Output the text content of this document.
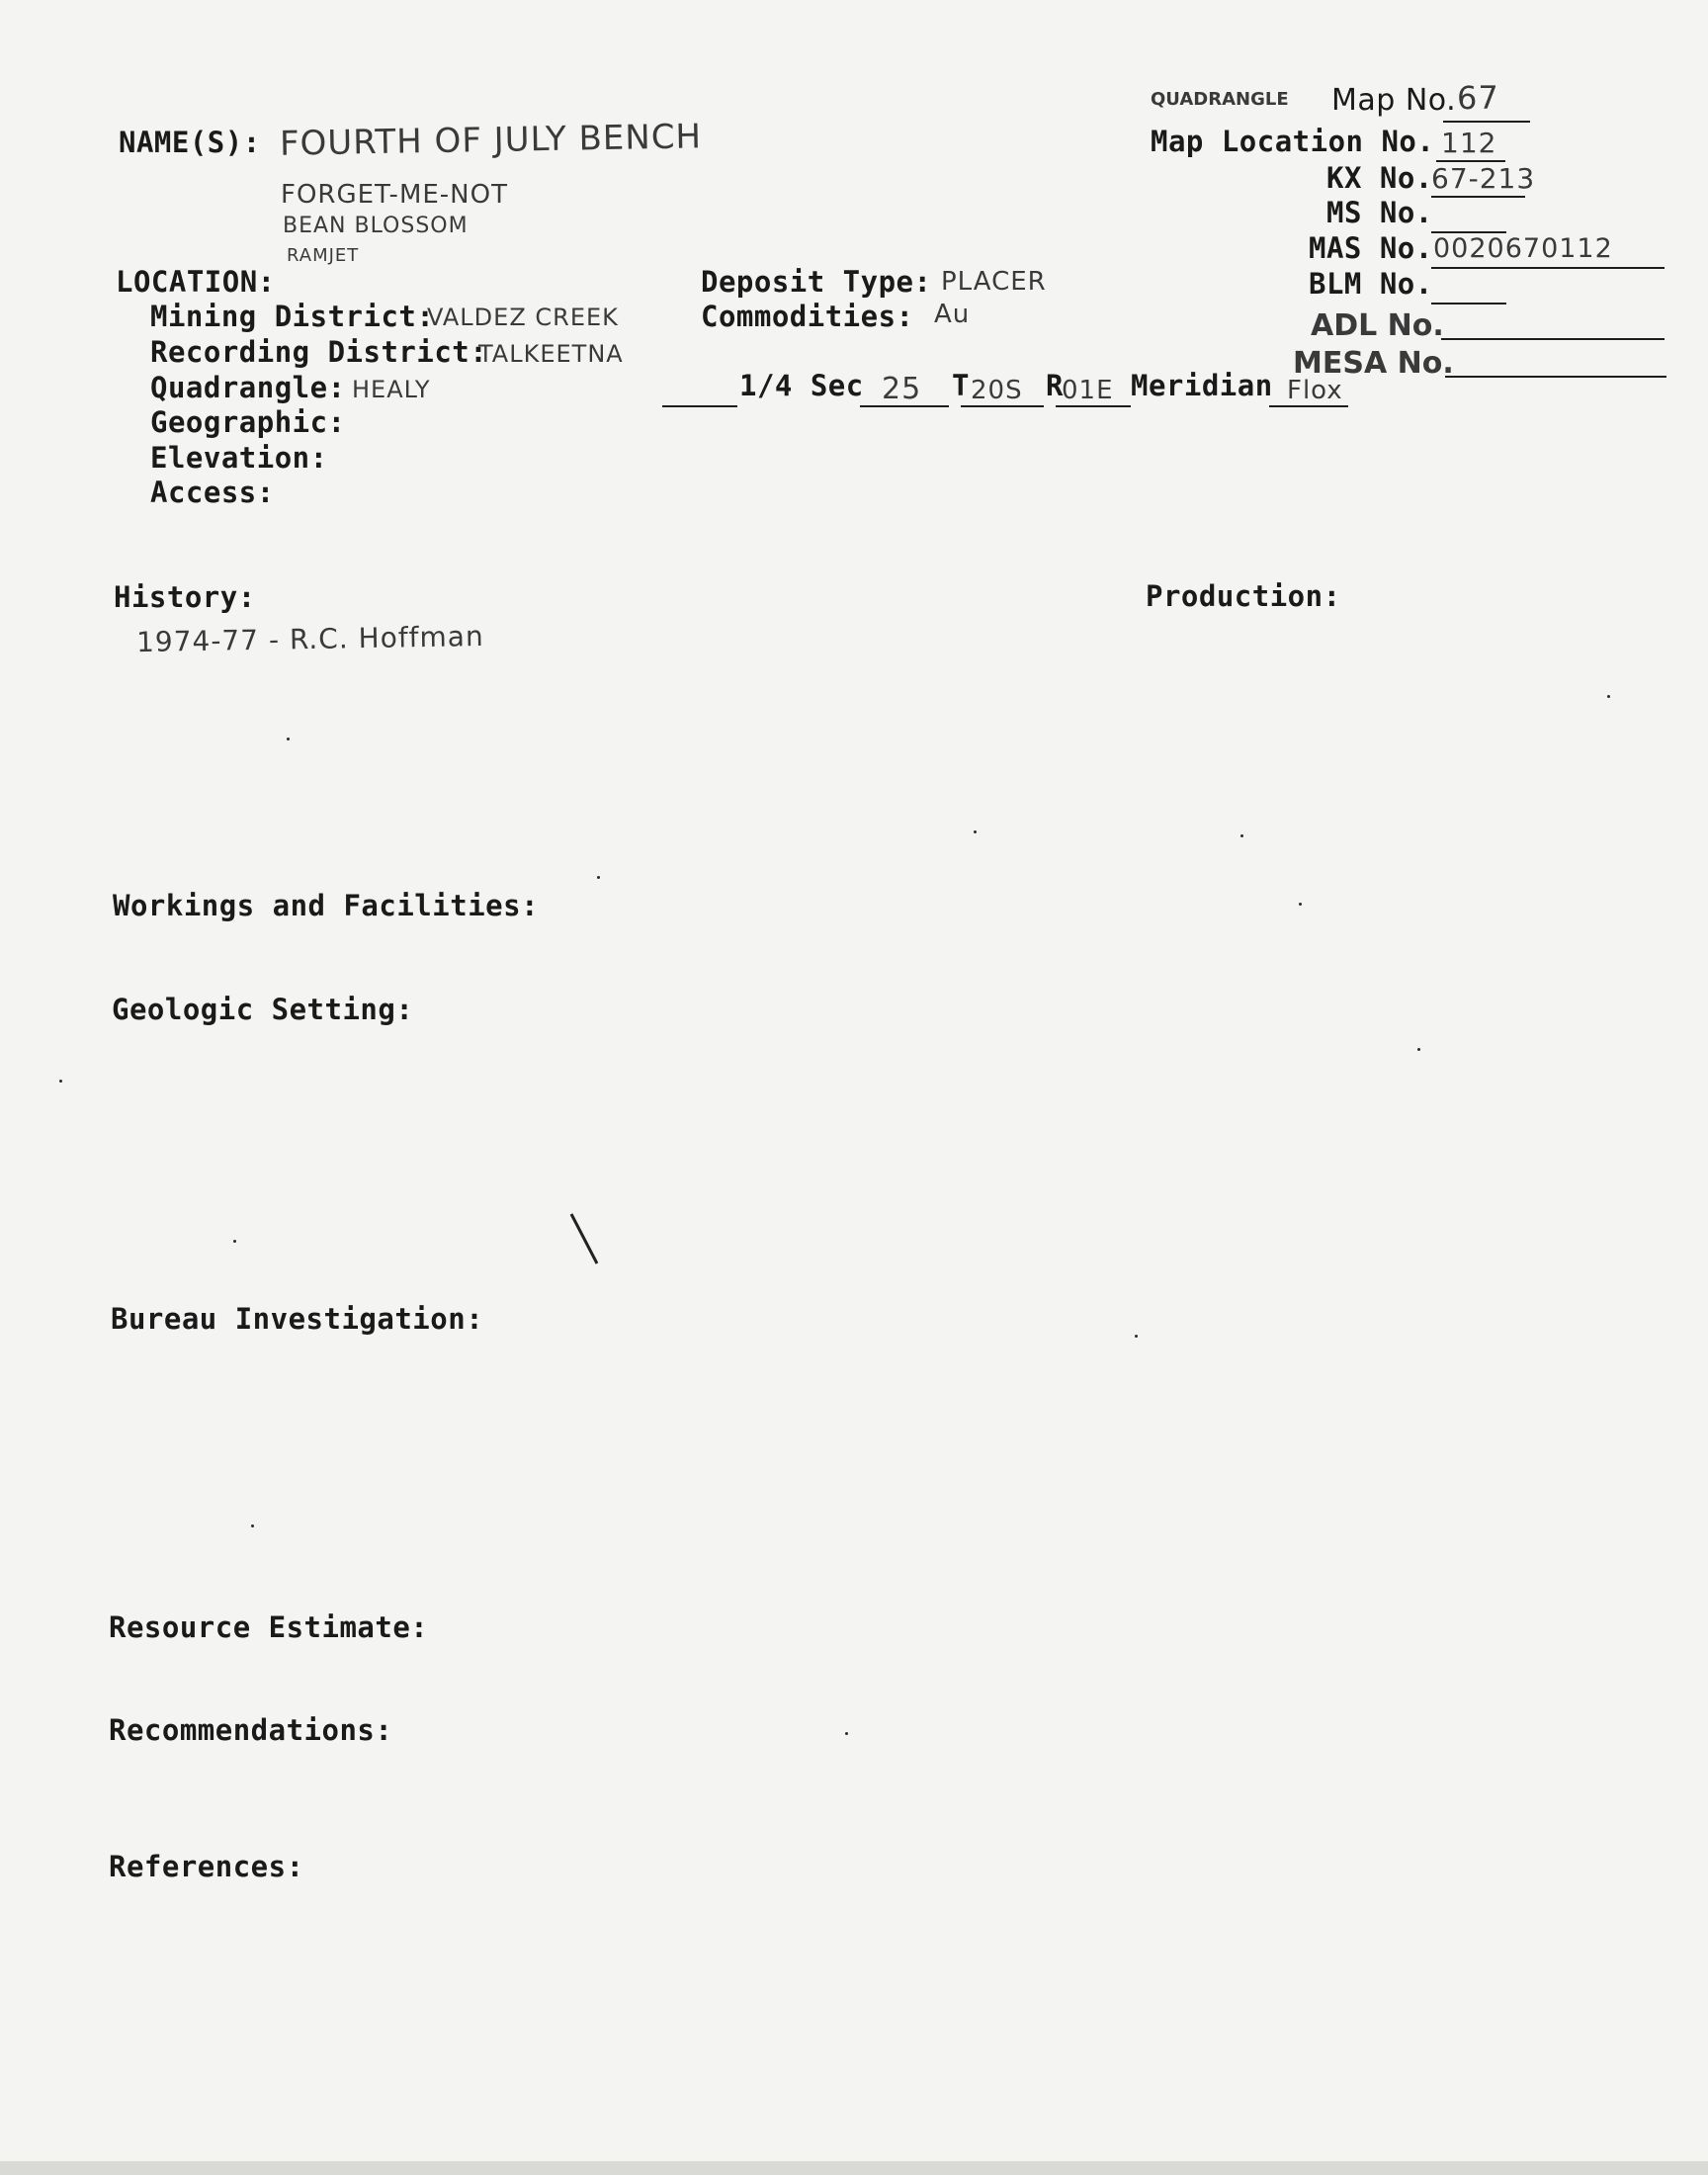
NAME(S): FOURTH OF JULY BENCH
FORGET-ME-NOT
BEAN BLOSSOM
RAMJET
QUADRANGLE Map No. 67
Map Location No. 112
KX No.
67-213
MS No.
MAS No. 0020670112
BLM No.
ADL No.
MESA No.
LOCATION:
Mining District:
VALDEZ CREEK
Recording District:
TALKEETNA
Quadrangle: HEALY
Geographic:
Elevation:
Access:
Deposit Type: PLACER
Commodities: Au
1/4 Sec 25 T 20S R
01E Meridian Flox
History:
1974-77 - R.C. Hoffman
Production:
Workings and Facilities:
Geologic Setting:
Bureau Investigation:
Resource Estimate:
Recommendations:
References:
